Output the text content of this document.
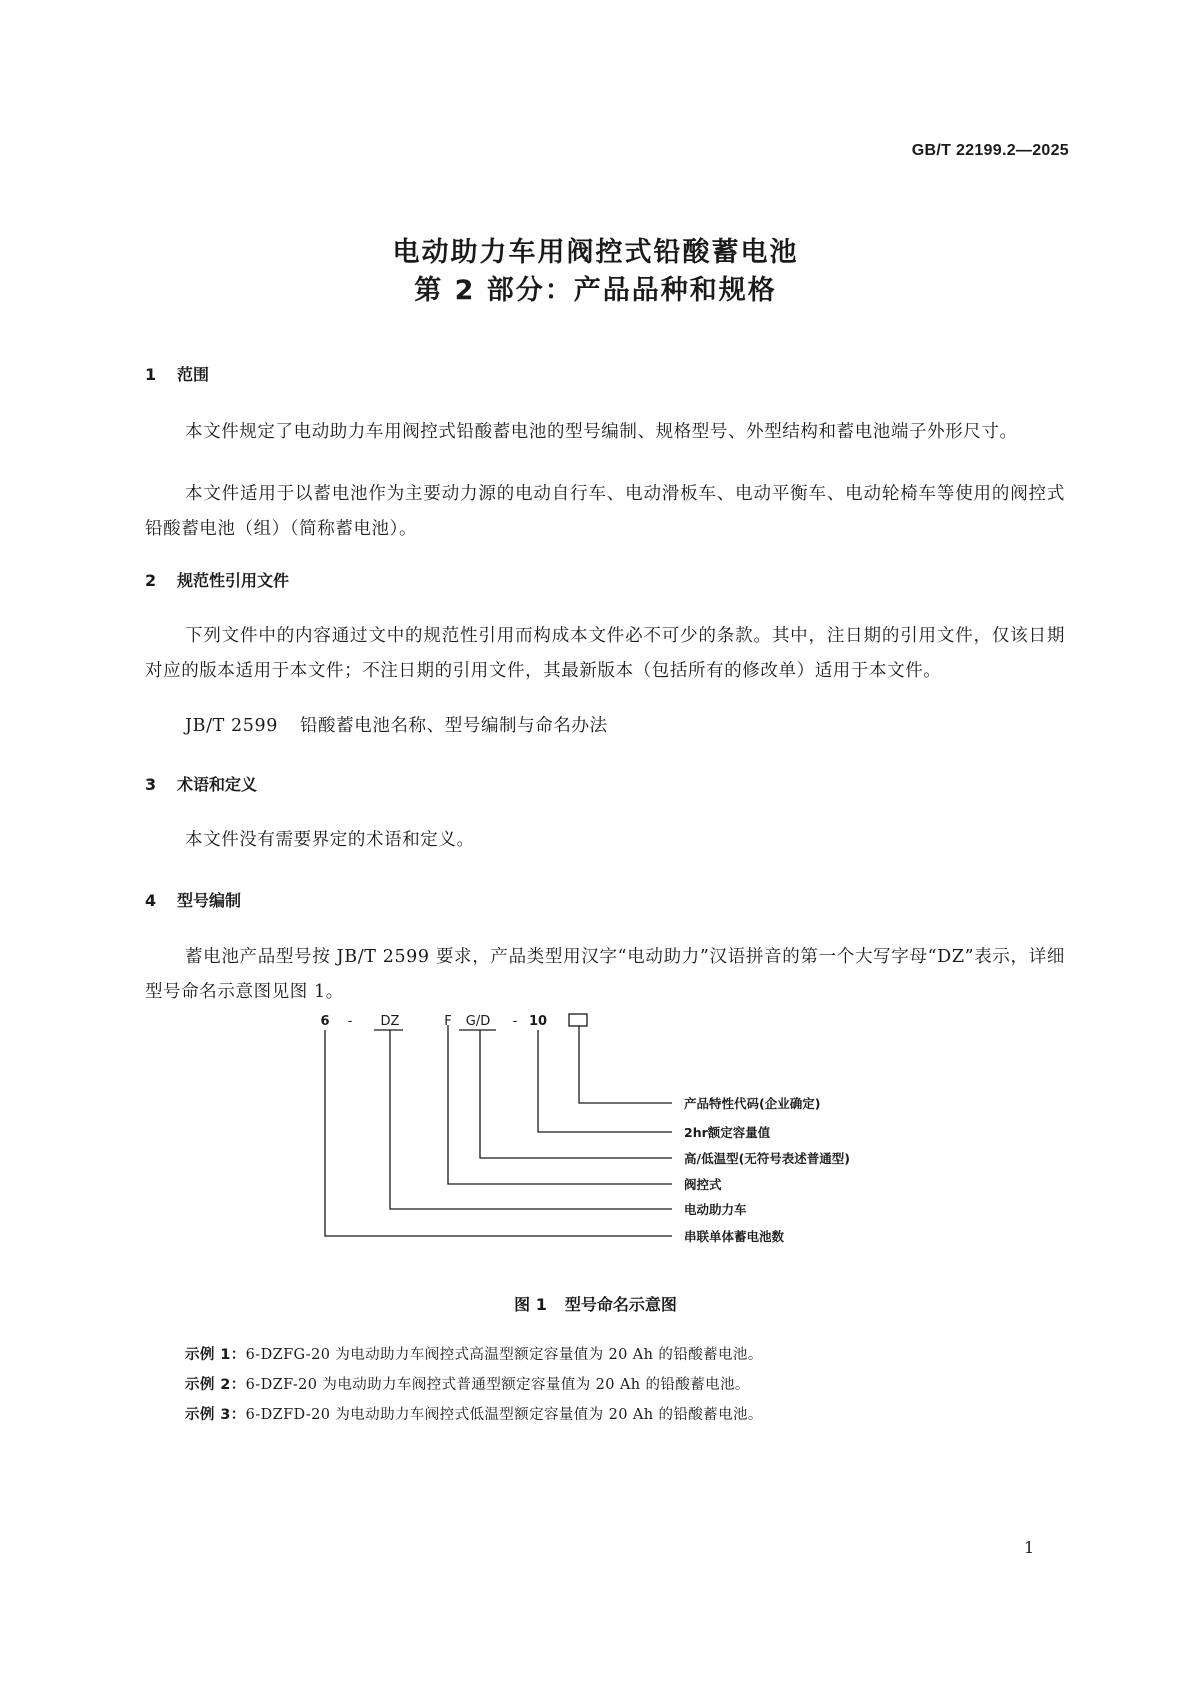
GB/T 22199.2—2025
电动助力车用阀控式铅酸蓄电池
第 2 部分：产品品种和规格
1 范围
本文件规定了电动助力车用阀控式铅酸蓄电池的型号编制、规格型号、外型结构和蓄电池端子外形尺寸。
本文件适用于以蓄电池作为主要动力源的电动自行车、电动滑板车、电动平衡车、电动轮椅车等使用的阀控式铅酸蓄电池（组）（简称蓄电池）。
2 规范性引用文件
下列文件中的内容通过文中的规范性引用而构成本文件必不可少的条款。其中，注日期的引用文件，仅该日期对应的版本适用于本文件；不注日期的引用文件，其最新版本（包括所有的修改单）适用于本文件。
JB/T 2599 铅酸蓄电池名称、型号编制与命名办法
3 术语和定义
本文件没有需要界定的术语和定义。
4 型号编制
蓄电池产品型号按 JB/T 2599 要求，产品类型用汉字“电动助力”汉语拼音的第一个大写字母“DZ”表示，详细型号命名示意图见图 1。
6 - DZ	F G/D - 10
产品特性代码(企业确定)
2hr额定容量值
高/低温型(无符号表述普通型)
阀控式
电动助力车
串联单体蓄电池数
图 1 型号命名示意图
示例 1：6-DZFG-20 为电动助力车阀控式高温型额定容量值为 20 Ah 的铅酸蓄电池。
示例 2：6-DZF-20 为电动助力车阀控式普通型额定容量值为 20 Ah 的铅酸蓄电池。
示例 3：6-DZFD-20 为电动助力车阀控式低温型额定容量值为 20 Ah 的铅酸蓄电池。
1
